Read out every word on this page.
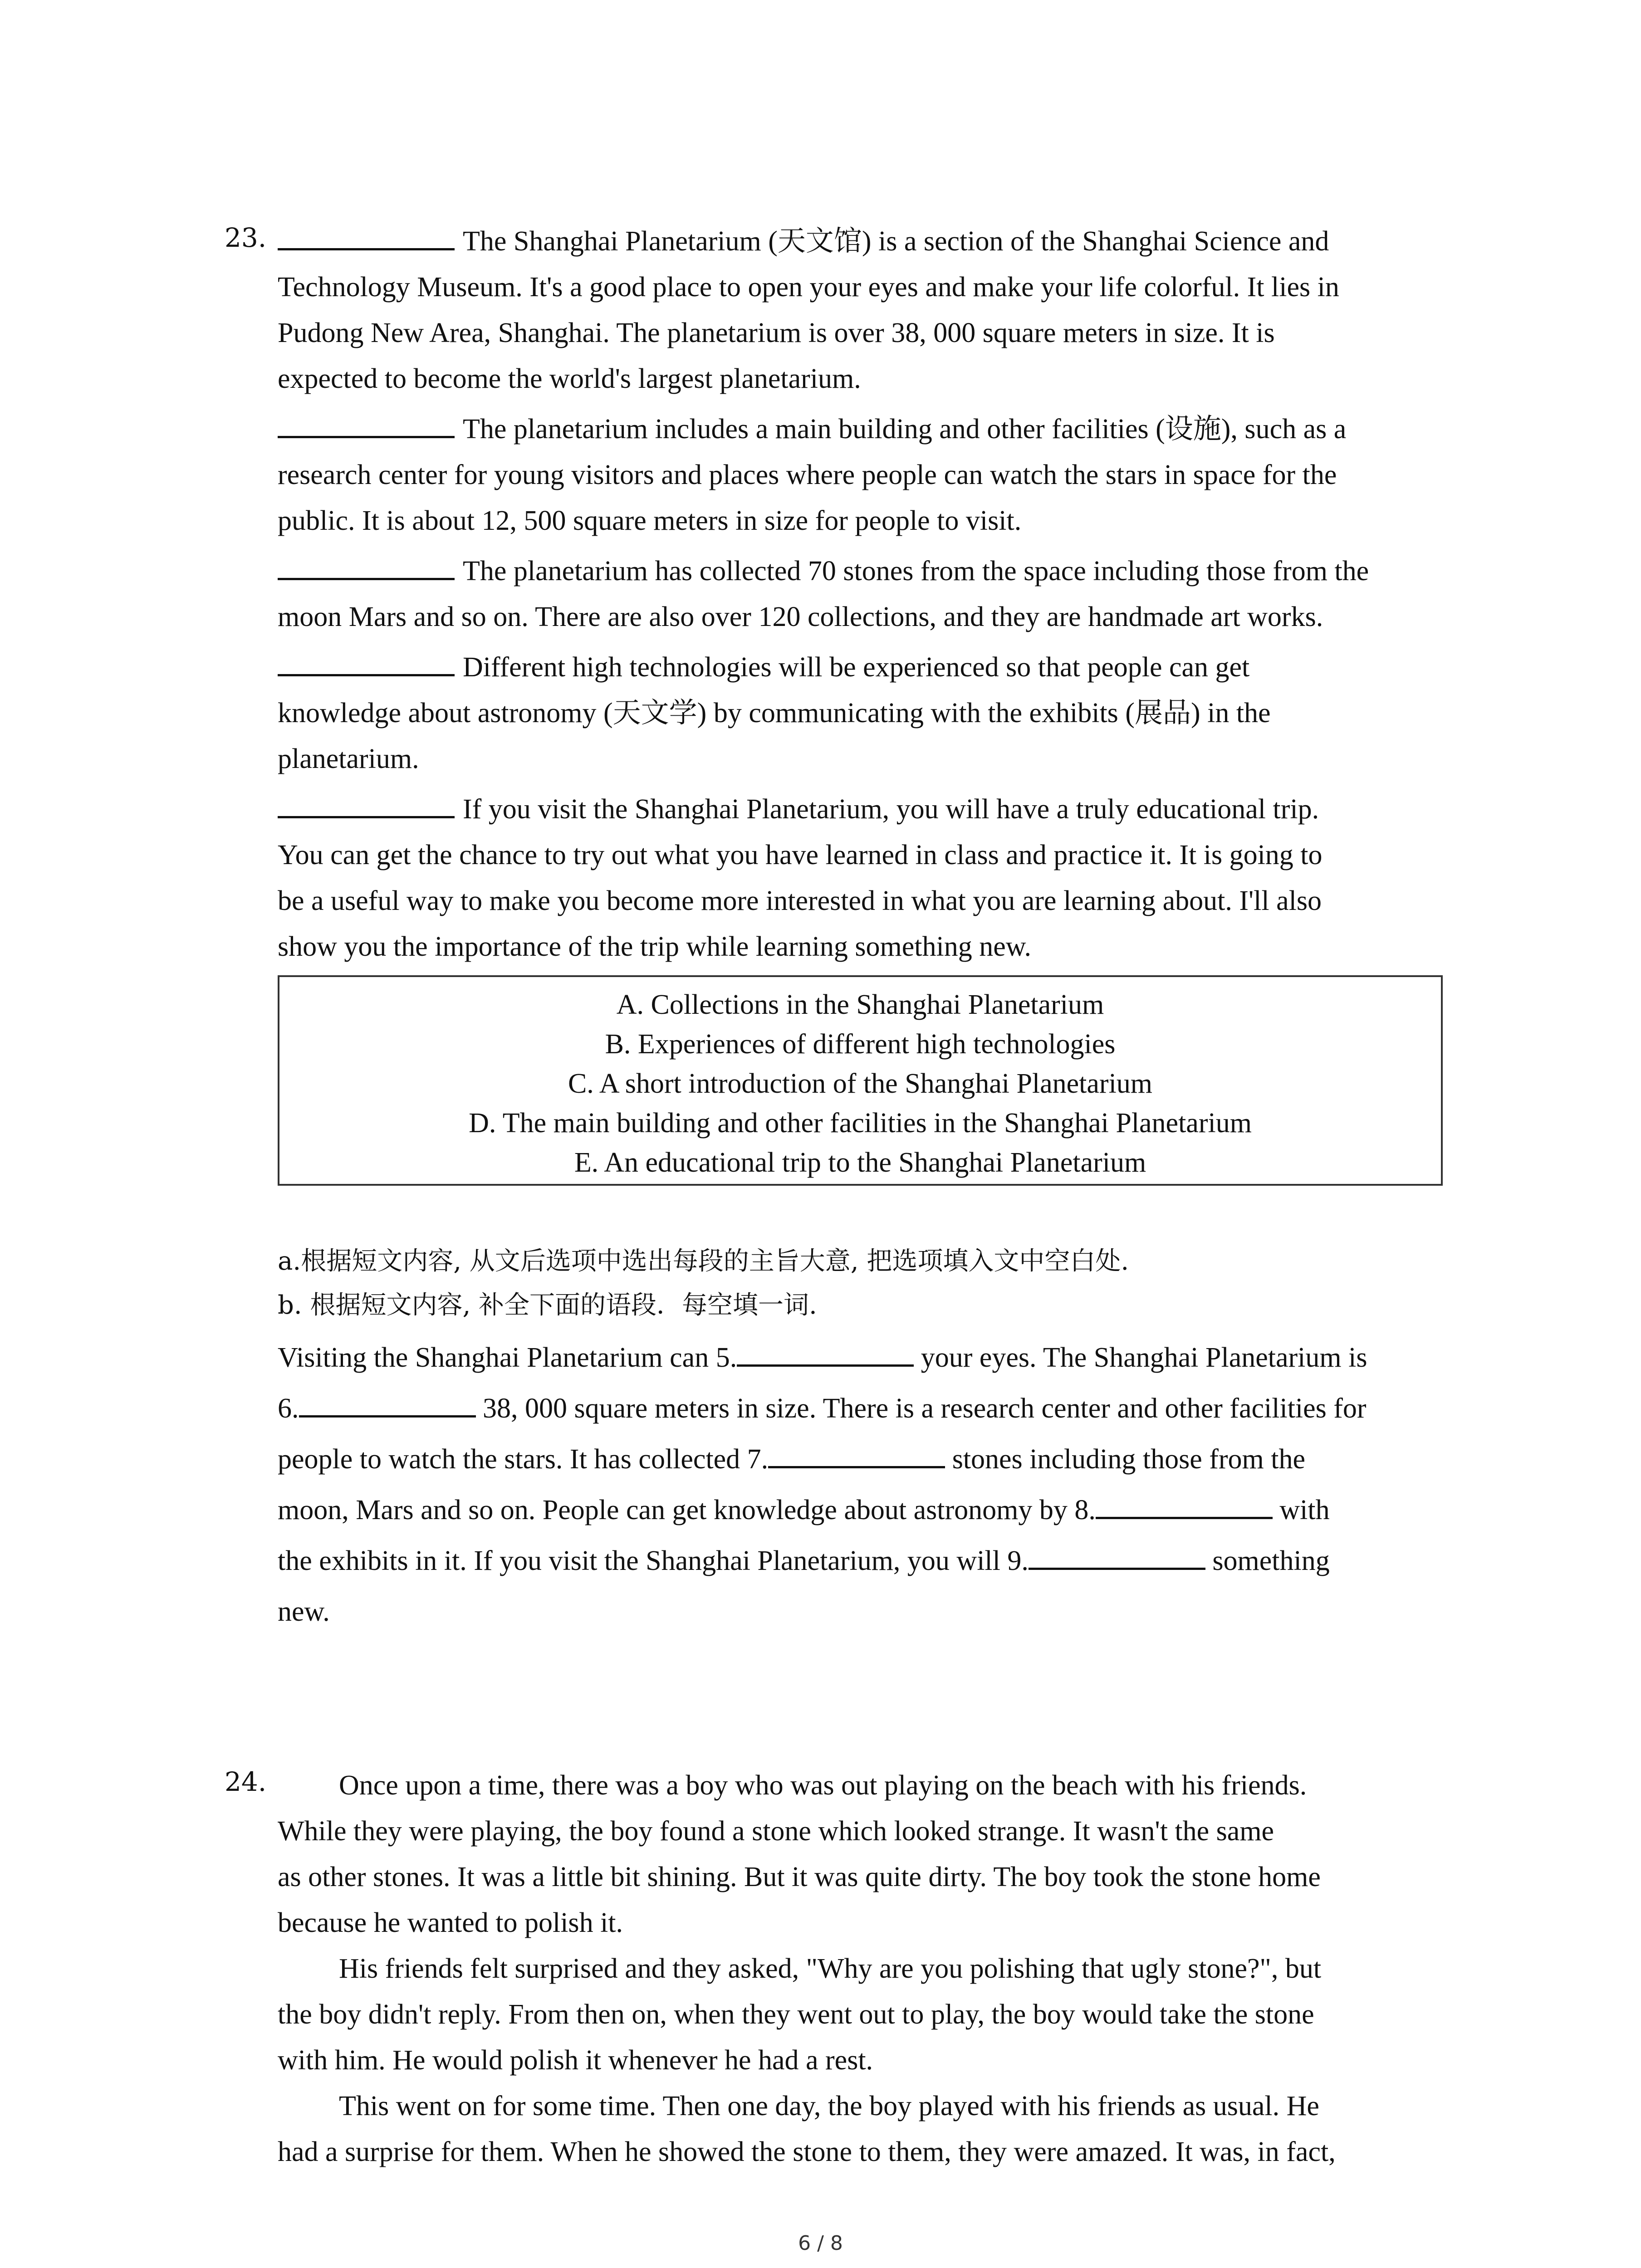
23.	The Shanghai Planetarium (天文馆) is a section of the Shanghai Science and
Technology Museum. It's a good place to open your eyes and make your life colorful. It lies in
Pudong New Area, Shanghai. The planetarium is over 38, 000 square meters in size. It is
expected to become the world's largest planetarium.
The planetarium includes a main building and other facilities (设施), such as a
research center for young visitors and places where people can watch the stars in space for the
public. It is about 12, 500 square meters in size for people to visit.
The planetarium has collected 70 stones from the space including those from the
moon Mars and so on. There are also over 120 collections, and they are handmade art works.
Different high technologies will be experienced so that people can get
knowledge about astronomy (天文学) by communicating with the exhibits (展品) in the
planetarium.
If you visit the Shanghai Planetarium, you will have a truly educational trip.
You can get the chance to try out what you have learned in class and practice it. It is going to
be a useful way to make you become more interested in what you are learning about. I'll also
show you the importance of the trip while learning something new.
A. Collections in the Shanghai Planetarium
B. Experiences of different high technologies
C. A short introduction of the Shanghai Planetarium
D. The main building and other facilities in the Shanghai Planetarium
E. An educational trip to the Shanghai Planetarium
a.根据短文内容, 从文后选项中选出每段的主旨大意, 把选项填入文中空白处.
b. 根据短文内容, 补全下面的语段．每空填一词.
Visiting the Shanghai Planetarium can 5.	your eyes. The Shanghai Planetarium is
6.	38, 000 square meters in size. There is a research center and other facilities for
people to watch the stars. It has collected 7.	stones including those from the
moon, Mars and so on. People can get knowledge about astronomy by 8.	with
the exhibits in it. If you visit the Shanghai Planetarium, you will 9.	something
new.
24.	Once upon a time, there was a boy who was out playing on the beach with his friends.
While they were playing, the boy found a stone which looked strange. It wasn't the same
as other stones. It was a little bit shining. But it was quite dirty. The boy took the stone home
because he wanted to polish it.
His friends felt surprised and they asked, "Why are you polishing that ugly stone?", but
the boy didn't reply. From then on, when they went out to play, the boy would take the stone
with him. He would polish it whenever he had a rest.
This went on for some time. Then one day, the boy played with his friends as usual. He
had a surprise for them. When he showed the stone to them, they were amazed. It was, in fact,
6 / 8
